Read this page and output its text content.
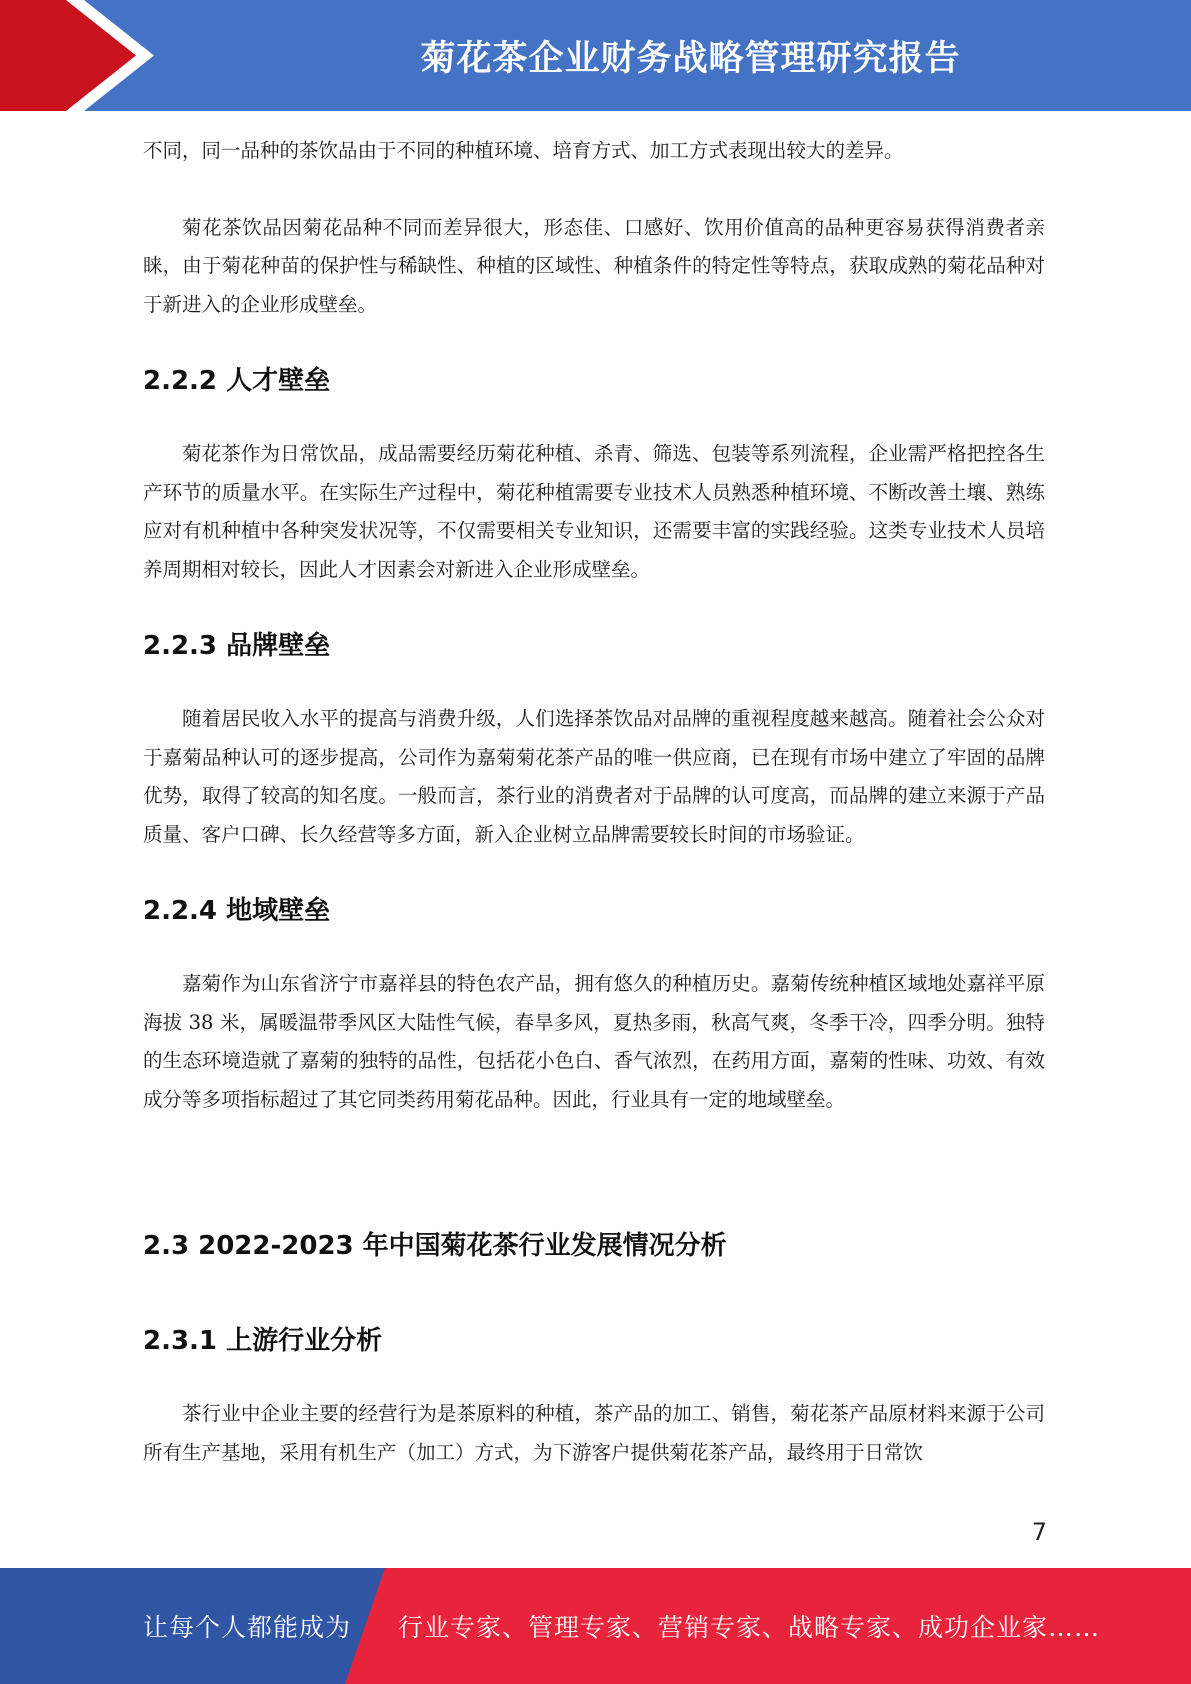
菊花茶企业财务战略管理研究报告

不同，同一品种的茶饮品由于不同的种植环境、培育方式、加工方式表现出较大的差异。

菊花茶饮品因菊花品种不同而差异很大，形态佳、口感好、饮用价值高的品种更容易获得消费者亲睐，由于菊花种苗的保护性与稀缺性、种植的区域性、种植条件的特定性等特点，获取成熟的菊花品种对于新进入的企业形成壁垒。

2.2.2 人才壁垒

菊花茶作为日常饮品，成品需要经历菊花种植、杀青、筛选、包装等系列流程，企业需严格把控各生产环节的质量水平。在实际生产过程中，菊花种植需要专业技术人员熟悉种植环境、不断改善土壤、熟练应对有机种植中各种突发状况等，不仅需要相关专业知识，还需要丰富的实践经验。这类专业技术人员培养周期相对较长，因此人才因素会对新进入企业形成壁垒。

2.2.3 品牌壁垒

随着居民收入水平的提高与消费升级，人们选择茶饮品对品牌的重视程度越来越高。随着社会公众对于嘉菊品种认可的逐步提高，公司作为嘉菊菊花茶产品的唯一供应商，已在现有市场中建立了牢固的品牌优势，取得了较高的知名度。一般而言，茶行业的消费者对于品牌的认可度高，而品牌的建立来源于产品质量、客户口碑、长久经营等多方面，新入企业树立品牌需要较长时间的市场验证。

2.2.4 地域壁垒

嘉菊作为山东省济宁市嘉祥县的特色农产品，拥有悠久的种植历史。嘉菊传统种植区域地处嘉祥平原海拔 38 米，属暖温带季风区大陆性气候，春旱多风，夏热多雨，秋高气爽，冬季干冷，四季分明。独特的生态环境造就了嘉菊的独特的品性，包括花小色白、香气浓烈，在药用方面，嘉菊的性味、功效、有效成分等多项指标超过了其它同类药用菊花品种。因此，行业具有一定的地域壁垒。

2.3 2022-2023 年中国菊花茶行业发展情况分析
2.3.1 上游行业分析

茶行业中企业主要的经营行为是茶原料的种植，茶产品的加工、销售，菊花茶产品原材料来源于公司所有生产基地，采用有机生产（加工）方式，为下游客户提供菊花茶产品，最终用于日常饮

7
让每个人都能成为 行业专家、管理专家、营销专家、战略专家、成功企业家……
